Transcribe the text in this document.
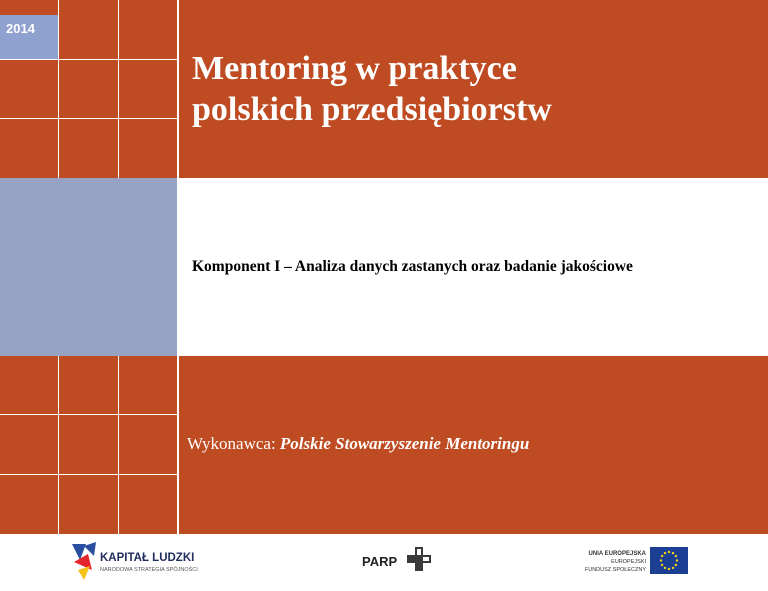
2014
Mentoring w praktyce
polskich przedsiębiorstw

Komponent I – Analiza danych zastanych oraz badanie jakościowe

Wykonawca: Polskie Stowarzyszenie Mentoringu

KAPITAŁ LUDZKI
NARODOWA STRATEGIA SPÓJNOŚCI
PARP	UNIA EUROPEJSKA
EUROPEJSKI
FUNDUSZ SPOŁECZNY
